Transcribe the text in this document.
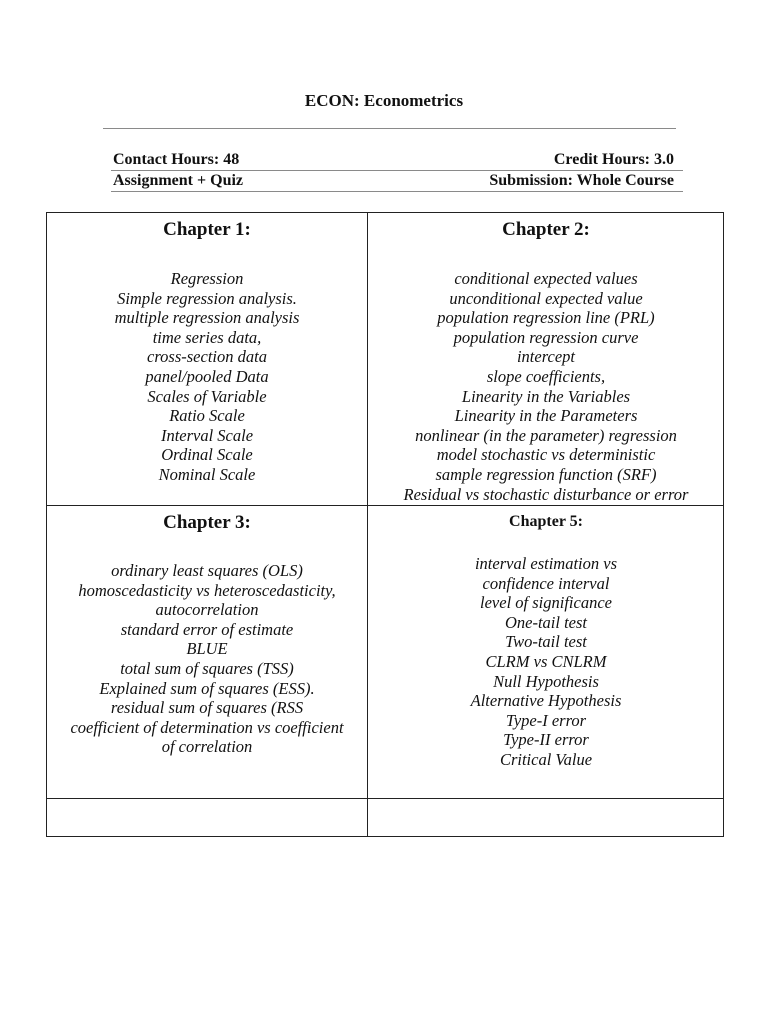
ECON: Econometrics
Contact Hours: 48	Credit Hours: 3.0
Assignment + Quiz	Submission: Whole Course
Chapter 1:
Regression
Simple regression analysis.
multiple regression analysis
time series data,
cross-section data
panel/pooled Data
Scales of Variable
Ratio Scale
Interval Scale
Ordinal Scale
Nominal Scale
Chapter 2:
conditional expected values
unconditional expected value
population regression line (PRL)
population regression curve
intercept
slope coefficients,
Linearity in the Variables
Linearity in the Parameters
nonlinear (in the parameter) regression
model stochastic vs deterministic
sample regression function (SRF)
Residual vs stochastic disturbance or error
Chapter 3:
ordinary least squares (OLS)
homoscedasticity vs heteroscedasticity,
autocorrelation
standard error of estimate
BLUE
total sum of squares (TSS)
Explained sum of squares (ESS).
residual sum of squares (RSS
coefficient of determination vs coefficient
of correlation
Chapter 5:
interval estimation vs
confidence interval
level of significance
One-tail test
Two-tail test
CLRM vs CNLRM
Null Hypothesis
Alternative Hypothesis
Type-I error
Type-II error
Critical Value
